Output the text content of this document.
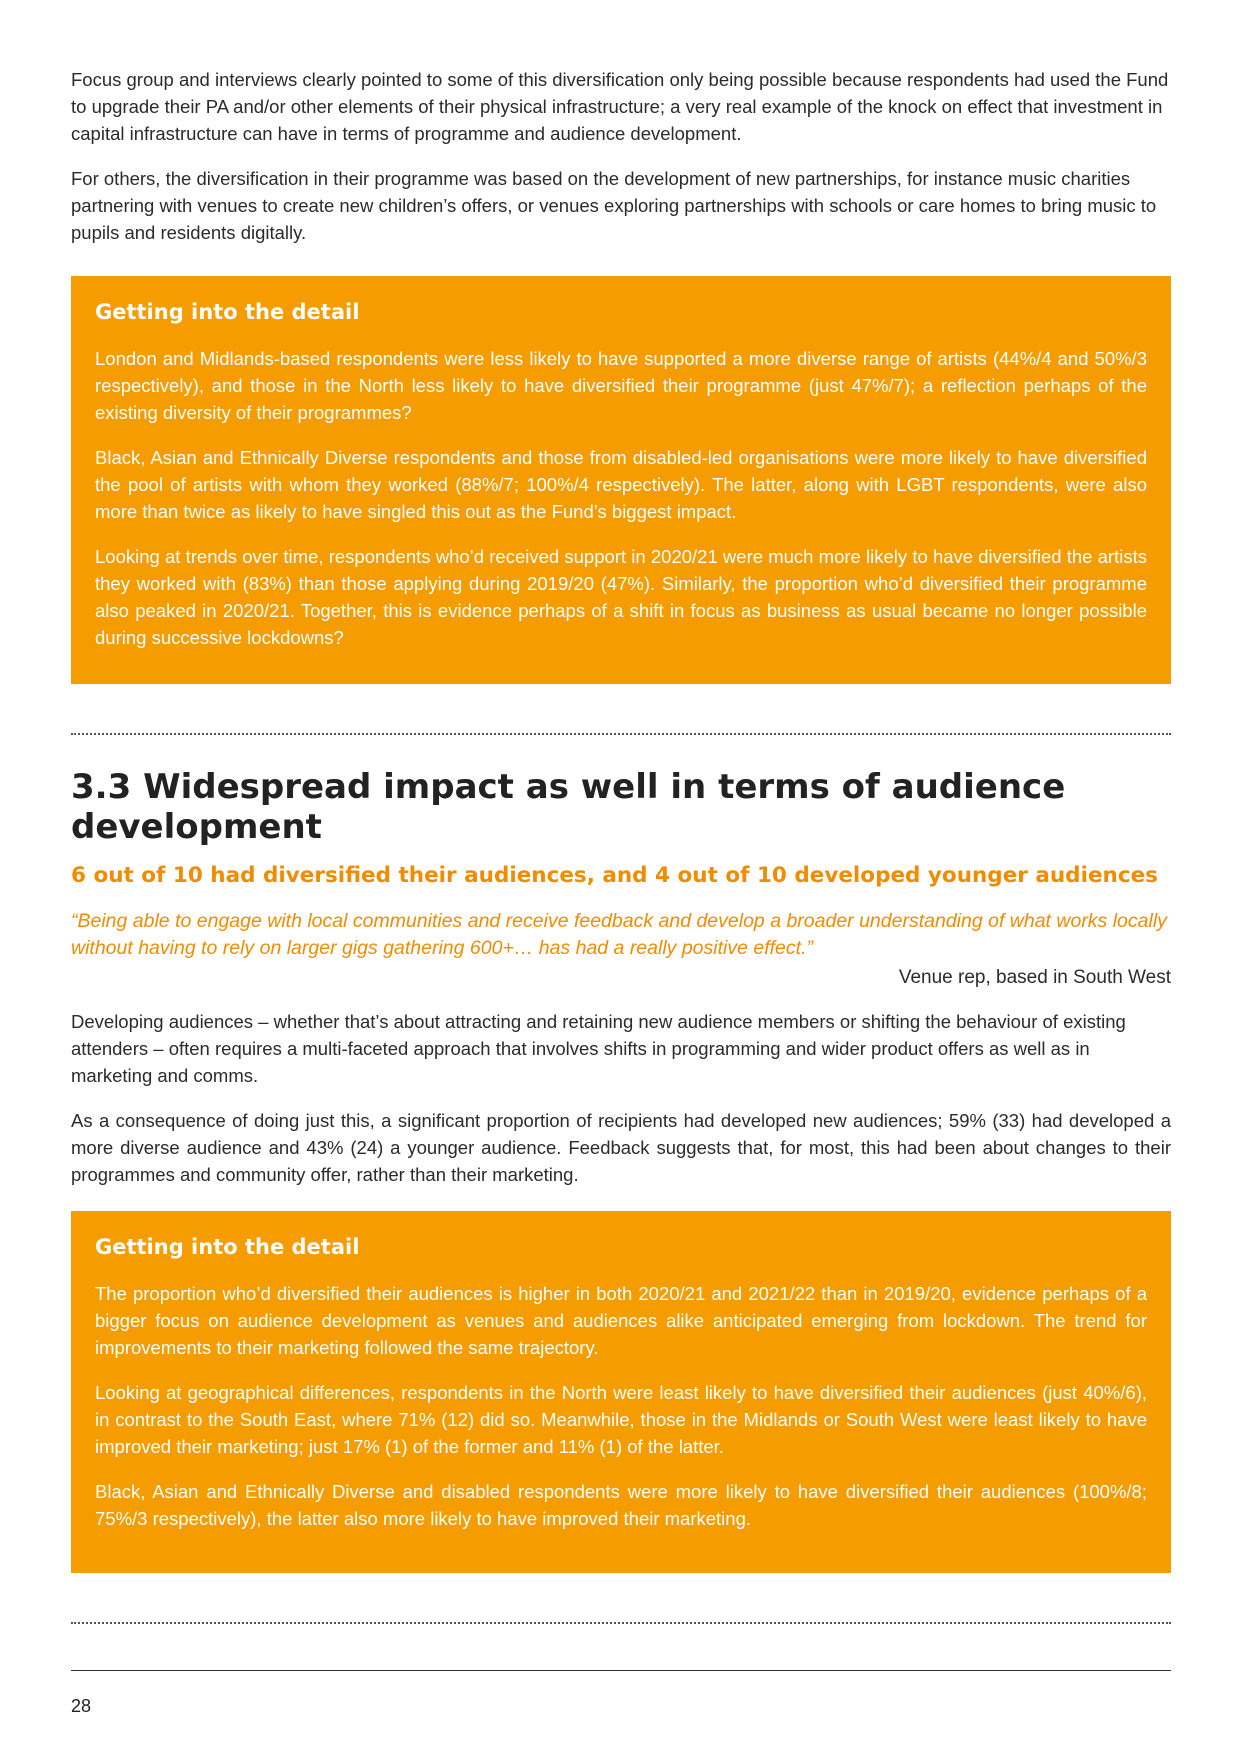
Focus group and interviews clearly pointed to some of this diversification only being possible because respondents had used the Fund to upgrade their PA and/or other elements of their physical infrastructure; a very real example of the knock on effect that investment in capital infrastructure can have in terms of programme and audience development.

For others, the diversification in their programme was based on the development of new partnerships, for instance music charities partnering with venues to create new children’s offers, or venues exploring partnerships with schools or care homes to bring music to pupils and residents digitally.

Getting into the detail

London and Midlands-based respondents were less likely to have supported a more diverse range of artists (44%/4 and 50%/3 respectively), and those in the North less likely to have diversified their programme (just 47%/7); a reflection perhaps of the existing diversity of their programmes?

Black, Asian and Ethnically Diverse respondents and those from disabled-led organisations were more likely to have diversified the pool of artists with whom they worked (88%/7; 100%/4 respectively). The latter, along with LGBT respondents, were also more than twice as likely to have singled this out as the Fund’s biggest impact.

Looking at trends over time, respondents who’d received support in 2020/21 were much more likely to have diversified the artists they worked with (83%) than those applying during 2019/20 (47%). Similarly, the proportion who’d diversified their programme also peaked in 2020/21. Together, this is evidence perhaps of a shift in focus as business as usual became no longer possible during successive lockdowns?

3.3 Widespread impact as well in terms of audience development
6 out of 10 had diversified their audiences, and 4 out of 10 developed younger audiences

“Being able to engage with local communities and receive feedback and develop a broader understanding of what works locally without having to rely on larger gigs gathering 600+… has had a really positive effect.”

Venue rep, based in South West

Developing audiences – whether that’s about attracting and retaining new audience members or shifting the behaviour of existing attenders – often requires a multi-faceted approach that involves shifts in programming and wider product offers as well as in marketing and comms.

As a consequence of doing just this, a significant proportion of recipients had developed new audiences; 59% (33) had developed a more diverse audience and 43% (24) a younger audience. Feedback suggests that, for most, this had been about changes to their programmes and community offer, rather than their marketing.

Getting into the detail

The proportion who’d diversified their audiences is higher in both 2020/21 and 2021/22 than in 2019/20, evidence perhaps of a bigger focus on audience development as venues and audiences alike anticipated emerging from lockdown. The trend for improvements to their marketing followed the same trajectory.

Looking at geographical differences, respondents in the North were least likely to have diversified their audiences (just 40%/6), in contrast to the South East, where 71% (12) did so. Meanwhile, those in the Midlands or South West were least likely to have improved their marketing; just 17% (1) of the former and 11% (1) of the latter.

Black, Asian and Ethnically Diverse and disabled respondents were more likely to have diversified their audiences (100%/8; 75%/3 respectively), the latter also more likely to have improved their marketing.

28
